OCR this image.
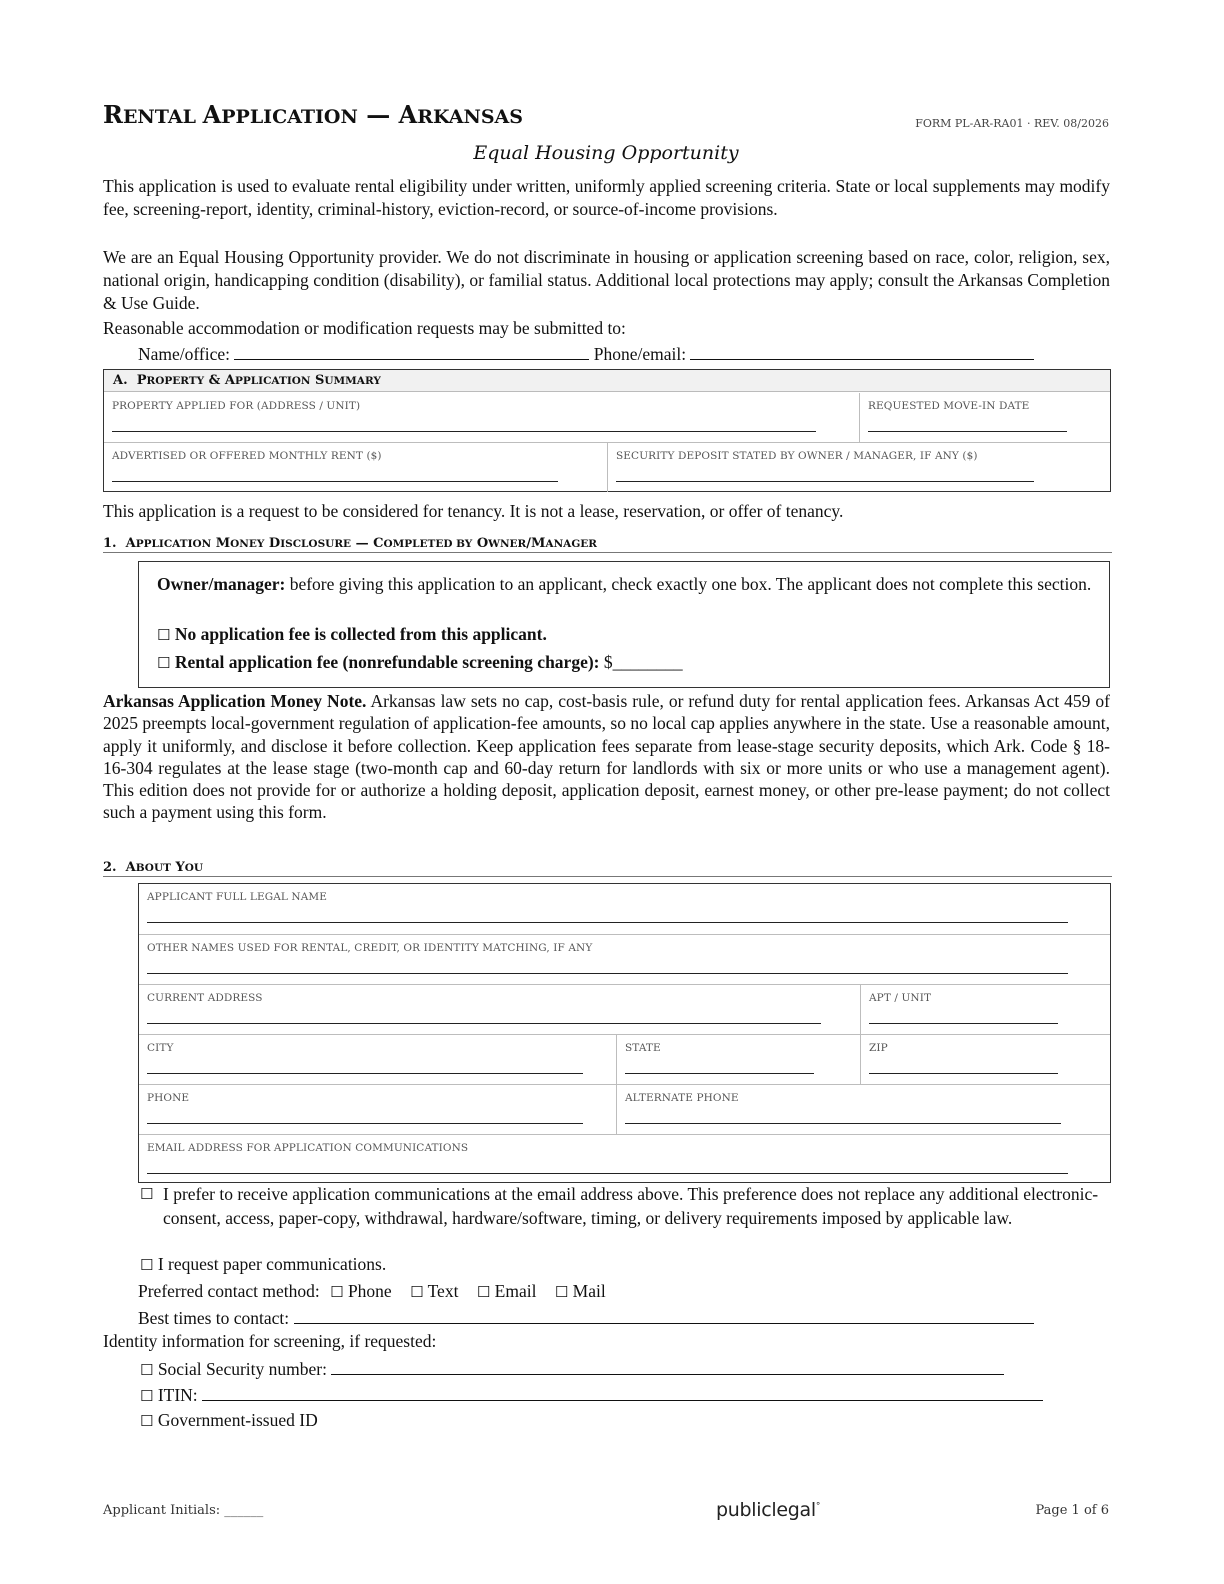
RENTAL APPLICATION — ARKANSAS	FORM PL-AR-RA01 · REV. 08/2026
Equal Housing Opportunity
This application is used to evaluate rental eligibility under written, uniformly applied screening criteria. State or local supplements may modify fee, screening-report, identity, criminal-history, eviction-record, or source-of-income provisions.
We are an Equal Housing Opportunity provider. We do not discriminate in housing or application screening based on race, color, religion, sex, national origin, handicapping condition (disability), or familial status. Additional local protections may apply; consult the Arkansas Completion & Use Guide.
Reasonable accommodation or modification requests may be submitted to:
Name/office:	Phone/email:
A. PROPERTY & APPLICATION SUMMARY
PROPERTY APPLIED FOR (ADDRESS / UNIT)	REQUESTED MOVE-IN DATE
ADVERTISED OR OFFERED MONTHLY RENT ($)	SECURITY DEPOSIT STATED BY OWNER / MANAGER, IF ANY ($)
This application is a request to be considered for tenancy. It is not a lease, reservation, or offer of tenancy.
1. APPLICATION MONEY DISCLOSURE — COMPLETED BY OWNER/MANAGER
Owner/manager: before giving this application to an applicant, check exactly one box. The applicant does not complete this section.
☐ No application fee is collected from this applicant.
☐ Rental application fee (nonrefundable screening charge): $________
Arkansas Application Money Note. Arkansas law sets no cap, cost-basis rule, or refund duty for rental application fees. Arkansas Act 459 of 2025 preempts local-government regulation of application-fee amounts, so no local cap applies anywhere in the state. Use a reasonable amount, apply it uniformly, and disclose it before collection. Keep application fees separate from lease-stage security deposits, which Ark. Code § 18-16-304 regulates at the lease stage (two-month cap and 60-day return for landlords with six or more units or who use a management agent). This edition does not provide for or authorize a holding deposit, application deposit, earnest money, or other pre-lease payment; do not collect such a payment using this form.
2. ABOUT YOU
APPLICANT FULL LEGAL NAME		

OTHER NAMES USED FOR RENTAL, CREDIT, OR IDENTITY MATCHING, IF ANY		

CURRENT ADDRESS		APT / UNIT

CITY	STATE	ZIP

PHONE	ALTERNATE PHONE	

EMAIL ADDRESS FOR APPLICATION COMMUNICATIONS		
☐ I prefer to receive application communications at the email address above. This preference does not replace any additional electronic-consent, access, paper-copy, withdrawal, hardware/software, timing, or delivery requirements imposed by applicable law.
☐ I request paper communications.
Preferred contact method: ☐ Phone ☐ Text ☐ Email ☐ Mail
Best times to contact:
Identity information for screening, if requested:
☐ Social Security number:
☐ ITIN:
☐ Government-issued ID
Applicant Initials: ______	publiclegal°	Page 1 of 6
